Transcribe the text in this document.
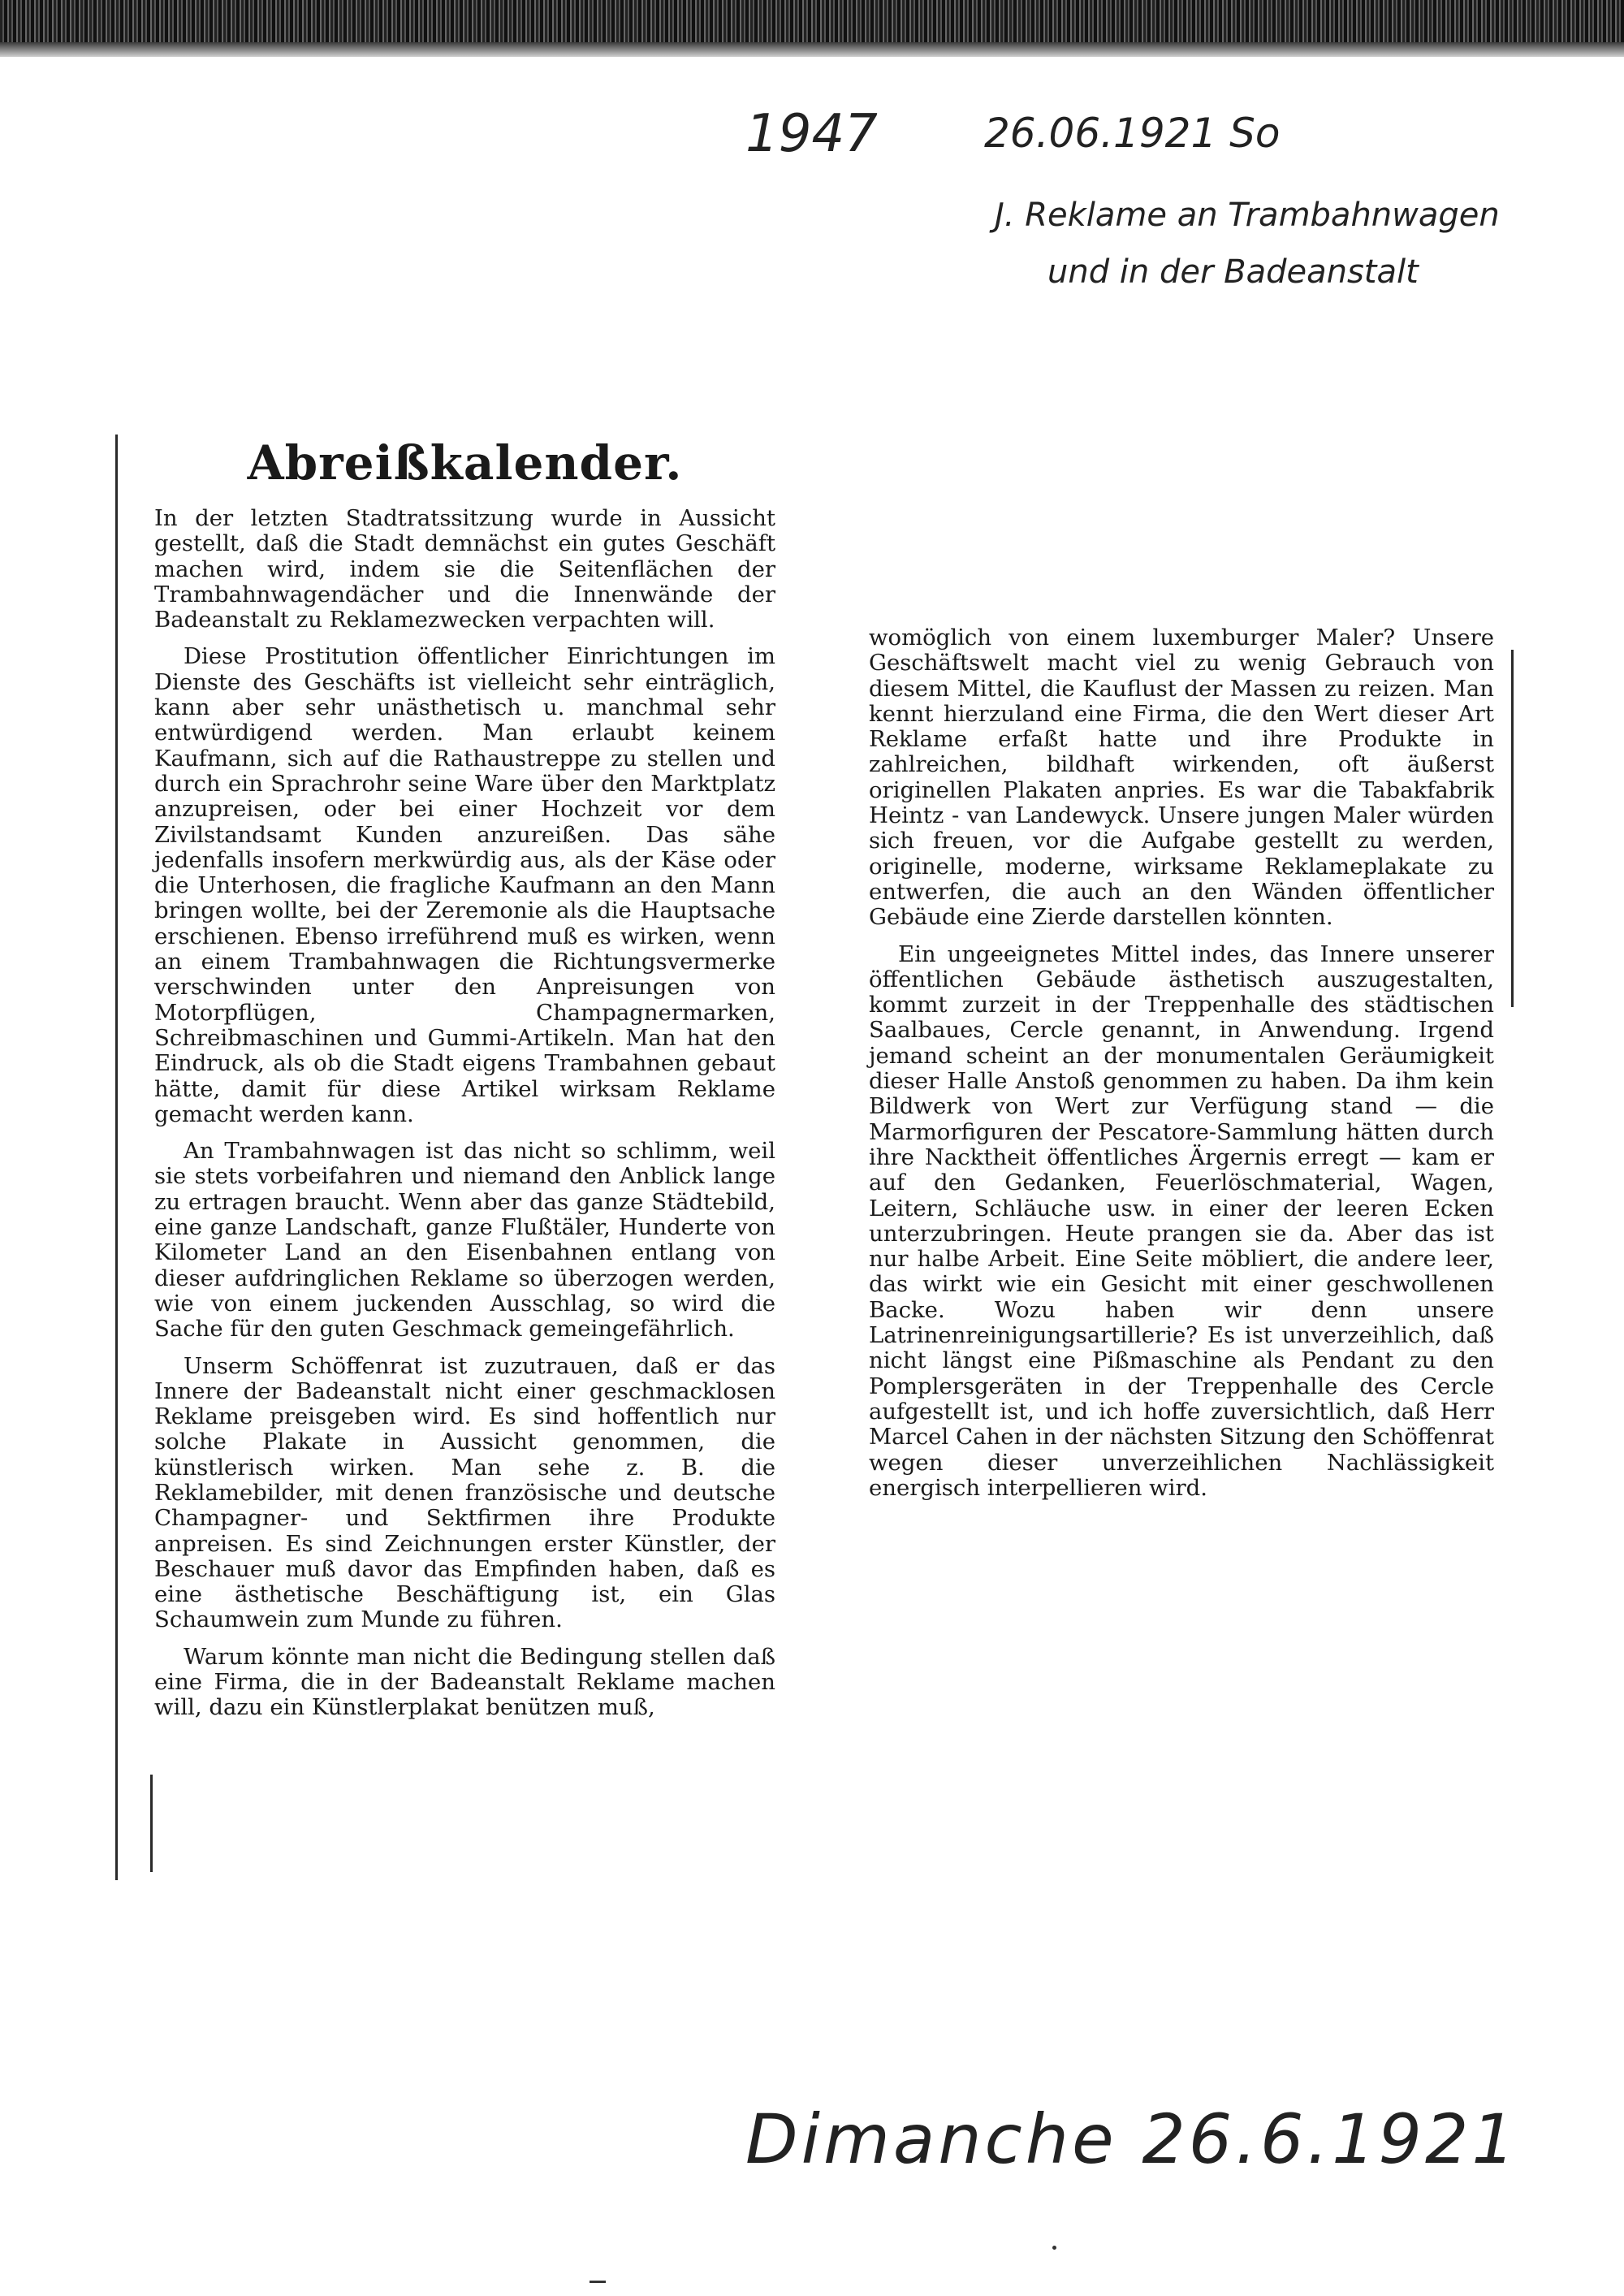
1947	26.06.1921 So
J. Reklame an Trambahnwagen
und in der Badeanstalt
Abreißkalender.

In der letzten Stadtratssitzung wurde in Aussicht gestellt, daß die Stadt demnächst ein gutes Geschäft machen wird, indem sie die Seitenflächen der Trambahnwagendächer und die Innenwände der Badeanstalt zu Reklamezwecken verpachten will.

Diese Prostitution öffentlicher Einrichtungen im Dienste des Geschäfts ist vielleicht sehr einträglich, kann aber sehr unästhetisch u. manchmal sehr entwürdigend werden. Man erlaubt keinem Kaufmann, sich auf die Rathaustreppe zu stellen und durch ein Sprachrohr seine Ware über den Marktplatz anzupreisen, oder bei einer Hochzeit vor dem Zivilstandsamt Kunden anzureißen. Das sähe jedenfalls insofern merkwürdig aus, als der Käse oder die Unterhosen, die fragliche Kaufmann an den Mann bringen wollte, bei der Zeremonie als die Hauptsache erschienen. Ebenso irreführend muß es wirken, wenn an einem Trambahnwagen die Richtungsvermerke verschwinden unter den Anpreisungen von Motorpflügen, Champagnermarken, Schreibmaschinen und Gummi-Artikeln. Man hat den Eindruck, als ob die Stadt eigens Trambahnen gebaut hätte, damit für diese Artikel wirksam Reklame gemacht werden kann.

An Trambahnwagen ist das nicht so schlimm, weil sie stets vorbeifahren und niemand den Anblick lange zu ertragen braucht. Wenn aber das ganze Städtebild, eine ganze Landschaft, ganze Flußtäler, Hunderte von Kilometer Land an den Eisenbahnen entlang von dieser aufdringlichen Reklame so überzogen werden, wie von einem juckenden Ausschlag, so wird die Sache für den guten Geschmack gemeingefährlich.

Unserm Schöffenrat ist zuzutrauen, daß er das Innere der Badeanstalt nicht einer geschmacklosen Reklame preisgeben wird. Es sind hoffentlich nur solche Plakate in Aussicht genommen, die künstlerisch wirken. Man sehe z. B. die Reklamebilder, mit denen französische und deutsche Champagner- und Sektfirmen ihre Produkte anpreisen. Es sind Zeichnungen erster Künstler, der Beschauer muß davor das Empfinden haben, daß es eine ästhetische Beschäftigung ist, ein Glas Schaumwein zum Munde zu führen.

Warum könnte man nicht die Bedingung stellen daß eine Firma, die in der Badeanstalt Reklame machen will, dazu ein Künstlerplakat benützen muß,

womöglich von einem luxemburger Maler? Unsere Geschäftswelt macht viel zu wenig Gebrauch von diesem Mittel, die Kauflust der Massen zu reizen. Man kennt hierzuland eine Firma, die den Wert dieser Art Reklame erfaßt hatte und ihre Produkte in zahlreichen, bildhaft wirkenden, oft äußerst originellen Plakaten anpries. Es war die Tabakfabrik Heintz - van Landewyck. Unsere jungen Maler würden sich freuen, vor die Aufgabe gestellt zu werden, originelle, moderne, wirksame Reklameplakate zu entwerfen, die auch an den Wänden öffentlicher Gebäude eine Zierde darstellen könnten.

Ein ungeeignetes Mittel indes, das Innere unserer öffentlichen Gebäude ästhetisch auszugestalten, kommt zurzeit in der Treppenhalle des städtischen Saalbaues, Cercle genannt, in Anwendung. Irgend jemand scheint an der monumentalen Geräumigkeit dieser Halle Anstoß genommen zu haben. Da ihm kein Bildwerk von Wert zur Verfügung stand — die Marmorfiguren der Pescatore-Sammlung hätten durch ihre Nacktheit öffentliches Ärgernis erregt — kam er auf den Gedanken, Feuerlöschmaterial, Wagen, Leitern, Schläuche usw. in einer der leeren Ecken unterzubringen. Heute prangen sie da. Aber das ist nur halbe Arbeit. Eine Seite möbliert, die andere leer, das wirkt wie ein Gesicht mit einer geschwollenen Backe. Wozu haben wir denn unsere Latrinenreinigungsartillerie? Es ist unverzeihlich, daß nicht längst eine Pißmaschine als Pendant zu den Pomplersgeräten in der Treppenhalle des Cercle aufgestellt ist, und ich hoffe zuversichtlich, daß Herr Marcel Cahen in der nächsten Sitzung den Schöffenrat wegen dieser unverzeihlichen Nachlässigkeit energisch interpellieren wird.

Dimanche 26.6.1921
